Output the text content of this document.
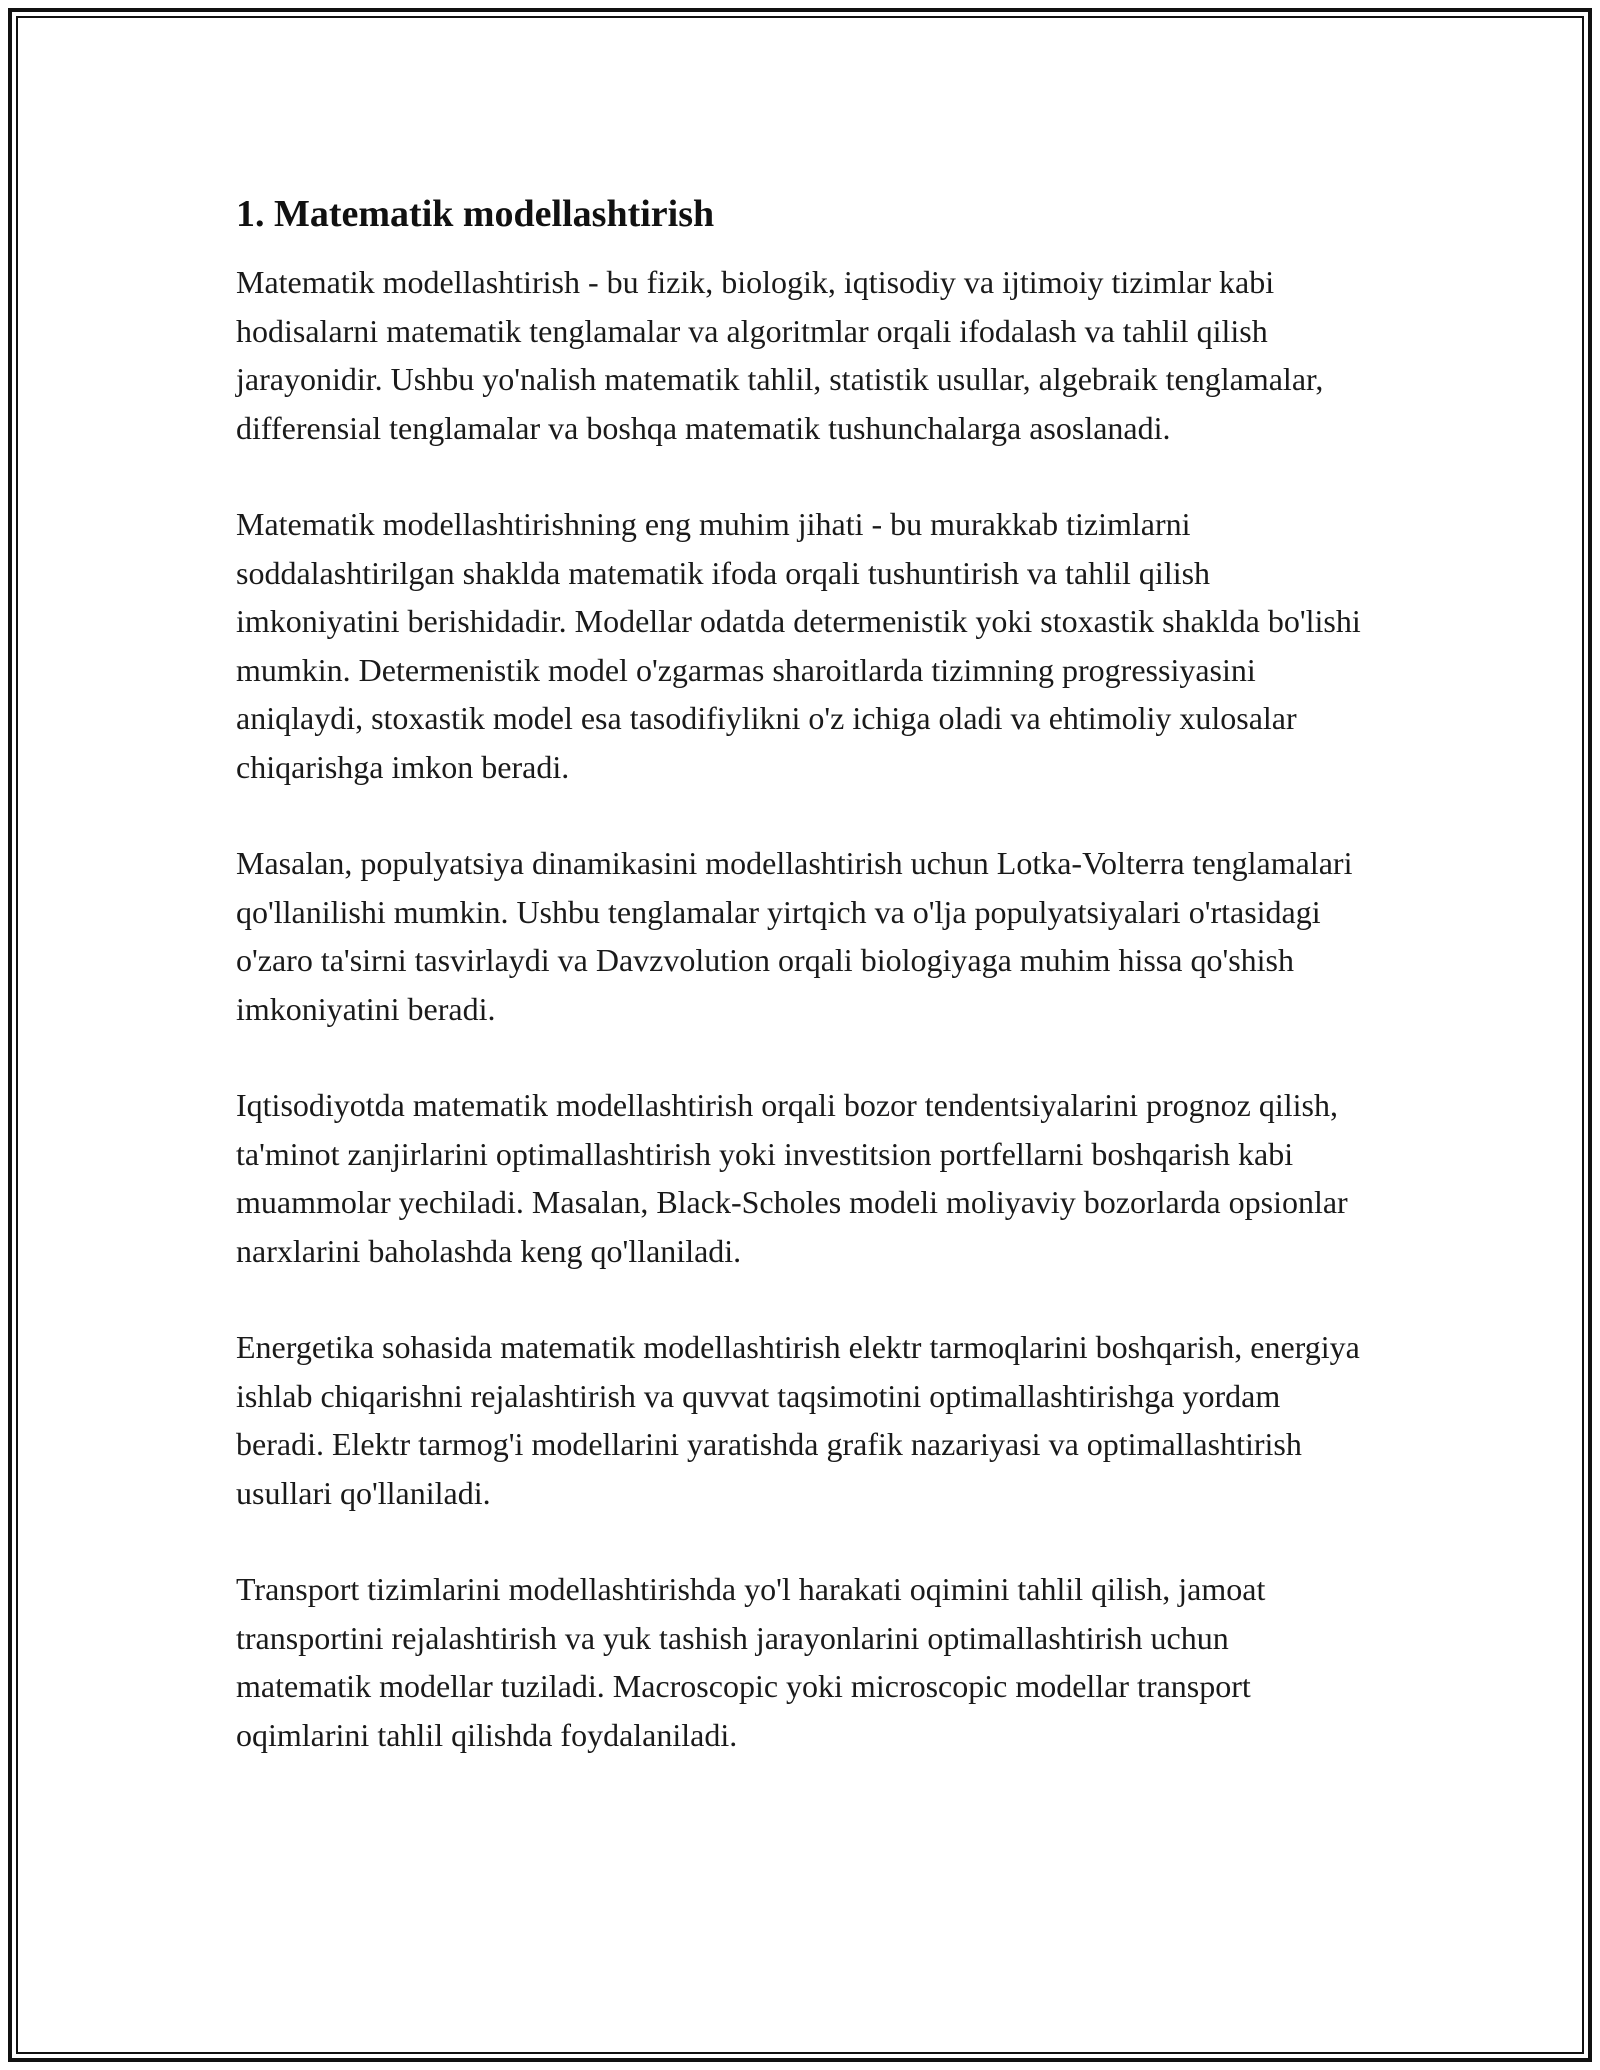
1. Matematik modellashtirish

Matematik modellashtirish - bu fizik, biologik, iqtisodiy va ijtimoiy tizimlar kabi hodisalarni matematik tenglamalar va algoritmlar orqali ifodalash va tahlil qilish jarayonidir. Ushbu yo'nalish matematik tahlil, statistik usullar, algebraik tenglamalar, differensial tenglamalar va boshqa matematik tushunchalarga asoslanadi.

Matematik modellashtirishning eng muhim jihati - bu murakkab tizimlarni soddalashtirilgan shaklda matematik ifoda orqali tushuntirish va tahlil qilish imkoniyatini berishidadir. Modellar odatda determenistik yoki stoxastik shaklda bo'lishi mumkin. Determenistik model o'zgarmas sharoitlarda tizimning progressiyasini aniqlaydi, stoxastik model esa tasodifiylikni o'z ichiga oladi va ehtimoliy xulosalar chiqarishga imkon beradi.

Masalan, populyatsiya dinamikasini modellashtirish uchun Lotka-Volterra tenglamalari qo'llanilishi mumkin. Ushbu tenglamalar yirtqich va o'lja populyatsiyalari o'rtasidagi o'zaro ta'sirni tasvirlaydi va Davzvolution orqali biologiyaga muhim hissa qo'shish imkoniyatini beradi.

Iqtisodiyotda matematik modellashtirish orqali bozor tendentsiyalarini prognoz qilish, ta'minot zanjirlarini optimallashtirish yoki investitsion portfellarni boshqarish kabi muammolar yechiladi. Masalan, Black-Scholes modeli moliyaviy bozorlarda opsionlar narxlarini baholashda keng qo'llaniladi.

Energetika sohasida matematik modellashtirish elektr tarmoqlarini boshqarish, energiya ishlab chiqarishni rejalashtirish va quvvat taqsimotini optimallashtirishga yordam beradi. Elektr tarmog'i modellarini yaratishda grafik nazariyasi va optimallashtirish usullari qo'llaniladi.

Transport tizimlarini modellashtirishda yo'l harakati oqimini tahlil qilish, jamoat transportini rejalashtirish va yuk tashish jarayonlarini optimallashtirish uchun matematik modellar tuziladi. Macroscopic yoki microscopic modellar transport oqimlarini tahlil qilishda foydalaniladi.
